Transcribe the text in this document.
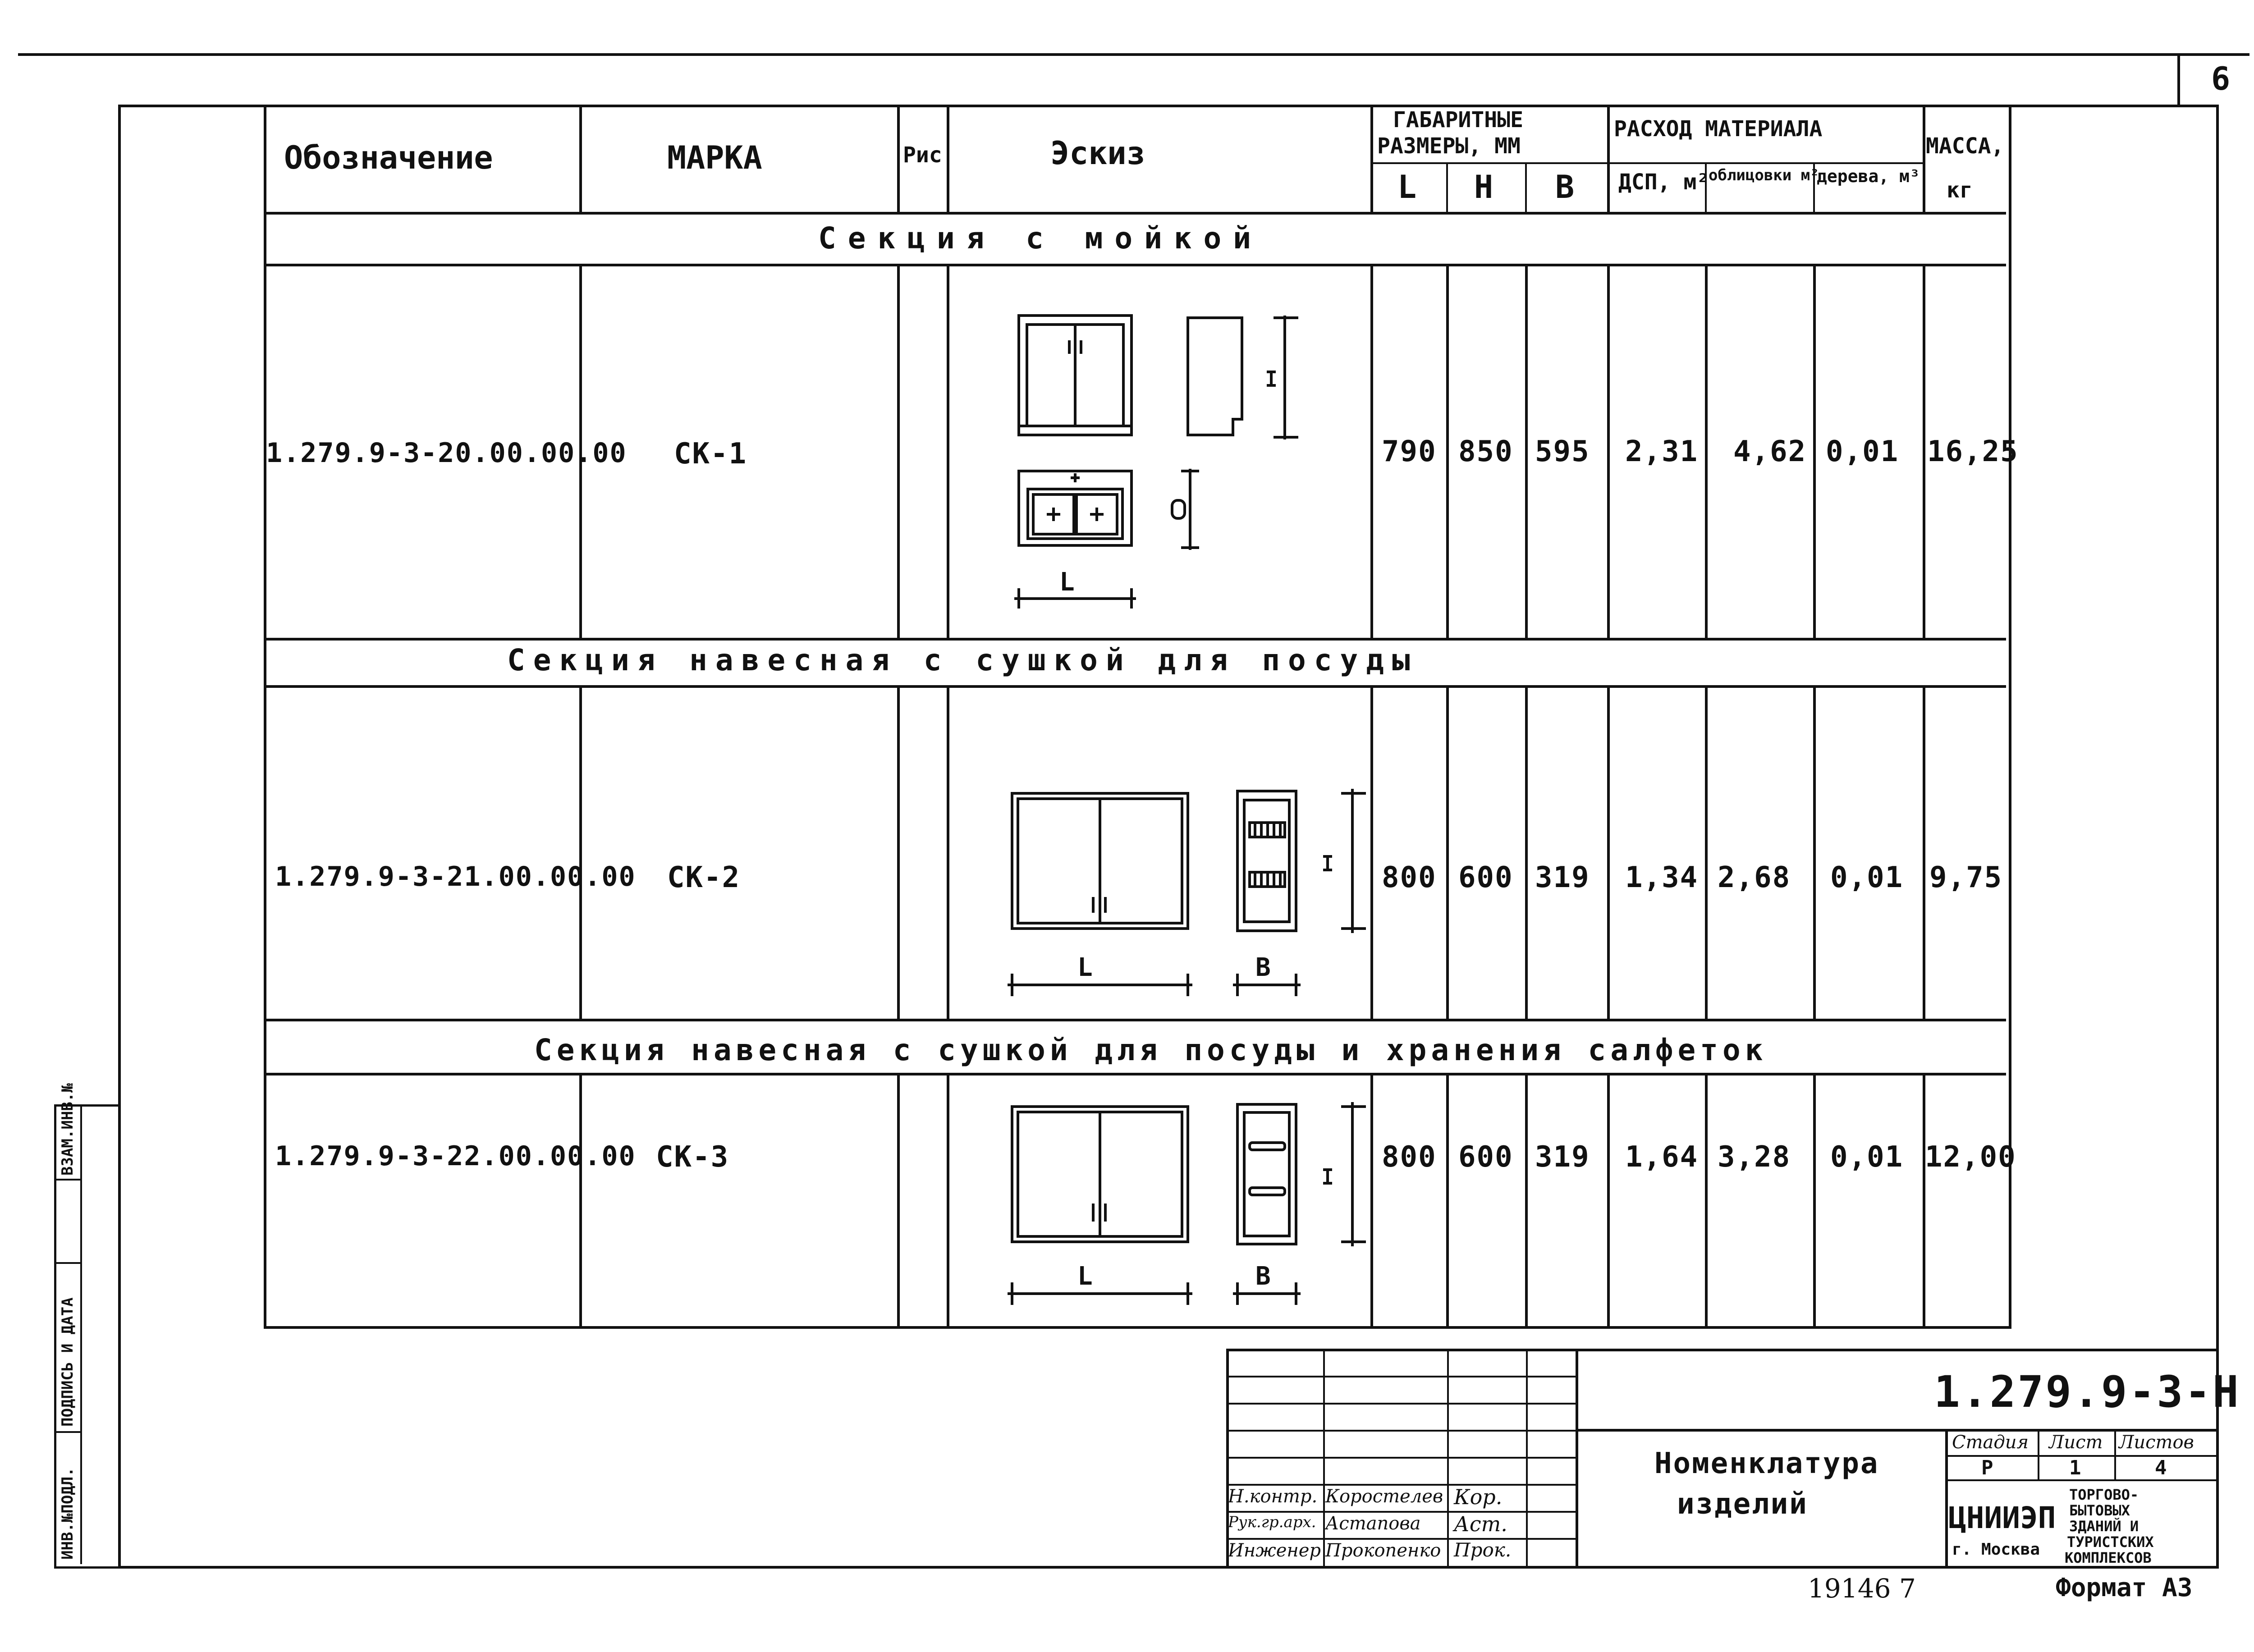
6
ВЗАМ.ИНВ.№
ПОДПИСЬ И ДАТА
ИНВ.№ПОДЛ.
Обозначение	МАРКА	Рис	Эскиз
ГАБАРИТНЫЕ
РАЗМЕРЫ, ММ
L Н В
РАСХОД МАТЕРИАЛА
ДСП, м²
облицовки м²
дерева, м³
МАССА,
кг
Секция с мойкой
Секция навесная с сушкой для посуды
Секция навесная с сушкой для посуды и хранения салфеток
1.279.9-3-20.00.00.00 СК-1	790 850 595 2,31 4,62 0,01 16,25
1.279.9-3-21.00.00.00 СК-2	800 600 319 1,34 2,68 0,01 9,75
1.279.9-3-22.00.00.00 СК-3	800 600 319 1,64 3,28 0,01 12,00
L
L	В
L	В
Н.контр. Коростелев Кор.
Рук.гр.арх. Астапова Аст.
Инженер Прокопенко Прок.
1.279.9-3-Н
Номенклатура
изделий
Стадия Лист Листов
Р	1	4
ЦНИИЭП
г. Москва
ТОРГОВО-
БЫТОВЫХ
ЗДАНИЙ И
ТУРИСТСКИХ
КОМПЛЕКСОВ
19146 7	Формат А3
